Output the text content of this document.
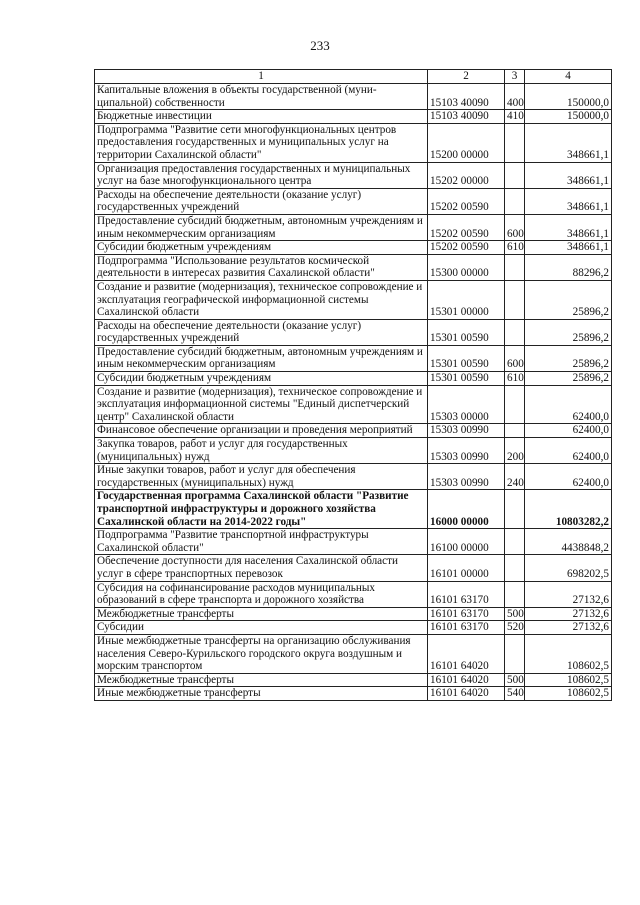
233
1	2	3	4
Капитальные вложения в объекты государственной (муни-ципальной) собственности	15103 40090	400	150000,0
Бюджетные инвестиции	15103 40090	410	150000,0
Подпрограмма "Развитие сети многофункциональных центров предоставления государственных и муниципальных услуг на территории Сахалинской области"	15200 00000		348661,1
Организация предоставления государственных и муниципальных услуг на базе многофункционального центра	15202 00000		348661,1
Расходы на обеспечение деятельности (оказание услуг) государственных учреждений	15202 00590		348661,1
Предоставление субсидий бюджетным, автономным учреждениям и иным некоммерческим организациям	15202 00590	600	348661,1
Субсидии бюджетным учреждениям	15202 00590	610	348661,1
Подпрограмма "Использование результатов космической деятельности в интересах развития Сахалинской области"	15300 00000		88296,2
Создание и развитие (модернизация), техническое сопровождение и эксплуатация географической информационной системы Сахалинской области	15301 00000		25896,2
Расходы на обеспечение деятельности (оказание услуг) государственных учреждений	15301 00590		25896,2
Предоставление субсидий бюджетным, автономным учреждениям и иным некоммерческим организациям	15301 00590	600	25896,2
Субсидии бюджетным учреждениям	15301 00590	610	25896,2
Создание и развитие (модернизация), техническое сопровождение и эксплуатация информационной системы "Единый диспетчерский центр" Сахалинской области	15303 00000		62400,0
Финансовое обеспечение организации и проведения мероприятий	15303 00990		62400,0
Закупка товаров, работ и услуг для государственных (муниципальных) нужд	15303 00990	200	62400,0
Иные закупки товаров, работ и услуг для обеспечения государственных (муниципальных) нужд	15303 00990	240	62400,0
Государственная программа Сахалинской области "Развитие транспортной инфраструктуры и дорожного хозяйства Сахалинской области на 2014-2022 годы"	16000 00000		10803282,2
Подпрограмма "Развитие транспортной инфраструктуры Сахалинской области"	16100 00000		4438848,2
Обеспечение доступности для населения Сахалинской области услуг в сфере транспортных перевозок	16101 00000		698202,5
Субсидия на софинансирование расходов муниципальных образований в сфере транспорта и дорожного хозяйства	16101 63170		27132,6
Межбюджетные трансферты	16101 63170	500	27132,6
Субсидии	16101 63170	520	27132,6
Иные межбюджетные трансферты на организацию обслуживания населения Северо-Курильского городского округа воздушным и морским транспортом	16101 64020		108602,5
Межбюджетные трансферты	16101 64020	500	108602,5
Иные межбюджетные трансферты	16101 64020	540	108602,5
